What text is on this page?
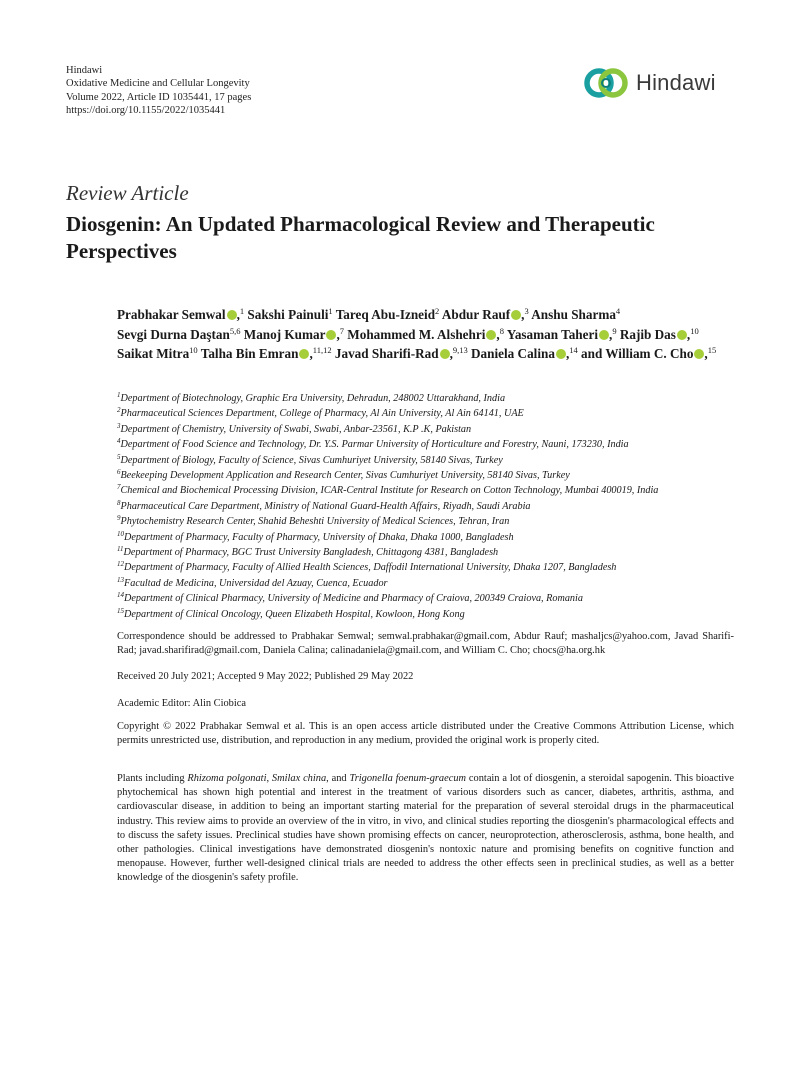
Hindawi
Oxidative Medicine and Cellular Longevity
Volume 2022, Article ID 1035441, 17 pages
https://doi.org/10.1155/2022/1035441
Hindawi
Review Article
Diosgenin: An Updated Pharmacological Review and Therapeutic Perspectives
Prabhakar Semwal ,$^1$ Sakshi Painuli$^1$ Tareq Abu-Izneid$^2$ Abdur Rauf ,$^3$ Anshu Sharma$^4$ Sevgi Durna Daştan$^{5,6}$ Manoj Kumar ,$^7$ Mohammed M. Alshehri ,$^8$ Yasaman Taheri ,$^9$ Rajib Das ,$^{10}$ Saikat Mitra$^{10}$ Talha Bin Emran ,$^{11,12}$ Javad Sharifi-Rad ,$^{9,13}$ Daniela Calina ,$^{14}$ and William C. Cho ,$^{15}$
$^1$Department of Biotechnology, Graphic Era University, Dehradun, 248002 Uttarakhand, India
$^2$Pharmaceutical Sciences Department, College of Pharmacy, Al Ain University, Al Ain 64141, UAE
$^3$Department of Chemistry, University of Swabi, Swabi, Anbar-23561, K.P .K, Pakistan
$^4$Department of Food Science and Technology, Dr. Y.S. Parmar University of Horticulture and Forestry, Nauni, 173230, India
$^5$Department of Biology, Faculty of Science, Sivas Cumhuriyet University, 58140 Sivas, Turkey
$^6$Beekeeping Development Application and Research Center, Sivas Cumhuriyet University, 58140 Sivas, Turkey
$^7$Chemical and Biochemical Processing Division, ICAR-Central Institute for Research on Cotton Technology, Mumbai 400019, India
$^8$Pharmaceutical Care Department, Ministry of National Guard-Health Affairs, Riyadh, Saudi Arabia
$^9$Phytochemistry Research Center, Shahid Beheshti University of Medical Sciences, Tehran, Iran
$^{10}$Department of Pharmacy, Faculty of Pharmacy, University of Dhaka, Dhaka 1000, Bangladesh
$^{11}$Department of Pharmacy, BGC Trust University Bangladesh, Chittagong 4381, Bangladesh
$^{12}$Department of Pharmacy, Faculty of Allied Health Sciences, Daffodil International University, Dhaka 1207, Bangladesh
$^{13}$Facultad de Medicina, Universidad del Azuay, Cuenca, Ecuador
$^{14}$Department of Clinical Pharmacy, University of Medicine and Pharmacy of Craiova, 200349 Craiova, Romania
$^{15}$Department of Clinical Oncology, Queen Elizabeth Hospital, Kowloon, Hong Kong

Correspondence should be addressed to Prabhakar Semwal; semwal.prabhakar@gmail.com, Abdur Rauf; mashaljcs@yahoo.com, Javad Sharifi-Rad; javad.sharifirad@gmail.com, Daniela Calina; calinadaniela@gmail.com, and William C. Cho; chocs@ha.org.hk

Received 20 July 2021; Accepted 9 May 2022; Published 29 May 2022

Academic Editor: Alin Ciobica

Copyright © 2022 Prabhakar Semwal et al. This is an open access article distributed under the Creative Commons Attribution License, which permits unrestricted use, distribution, and reproduction in any medium, provided the original work is properly cited.

Plants including Rhizoma polgonati, Smilax china, and Trigonella foenum-graecum contain a lot of diosgenin, a steroidal sapogenin. This bioactive phytochemical has shown high potential and interest in the treatment of various disorders such as cancer, diabetes, arthritis, asthma, and cardiovascular disease, in addition to being an important starting material for the preparation of several steroidal drugs in the pharmaceutical industry. This review aims to provide an overview of the in vitro, in vivo, and clinical studies reporting the diosgenin's pharmacological effects and to discuss the safety issues. Preclinical studies have shown promising effects on cancer, neuroprotection, atherosclerosis, asthma, bone health, and other pathologies. Clinical investigations have demonstrated diosgenin's nontoxic nature and promising benefits on cognitive function and menopause. However, further well-designed clinical trials are needed to address the other effects seen in preclinical studies, as well as a better knowledge of the diosgenin's safety profile.
